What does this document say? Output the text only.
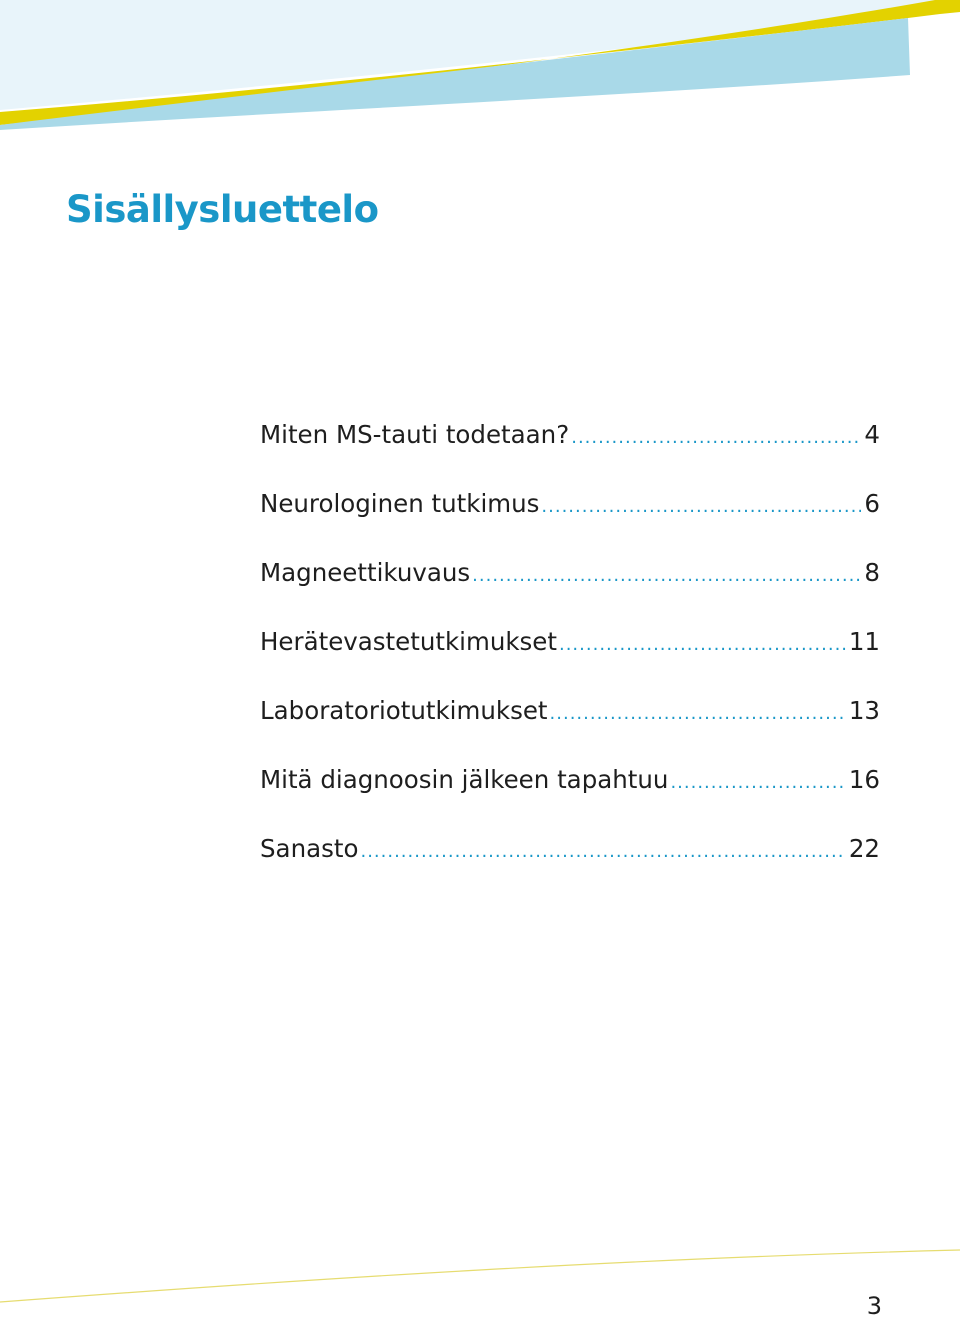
Sisällysluettelo
Miten MS-tauti todetaan? .....	4
Neurologinen tutkimus .....	6
Magneettikuvaus .....	8
Herätevastetutkimukset .....	11
Laboratoriotutkimukset .....	13
Mitä diagnoosin jälkeen tapahtuu .....	16
Sanasto .....	22
3
